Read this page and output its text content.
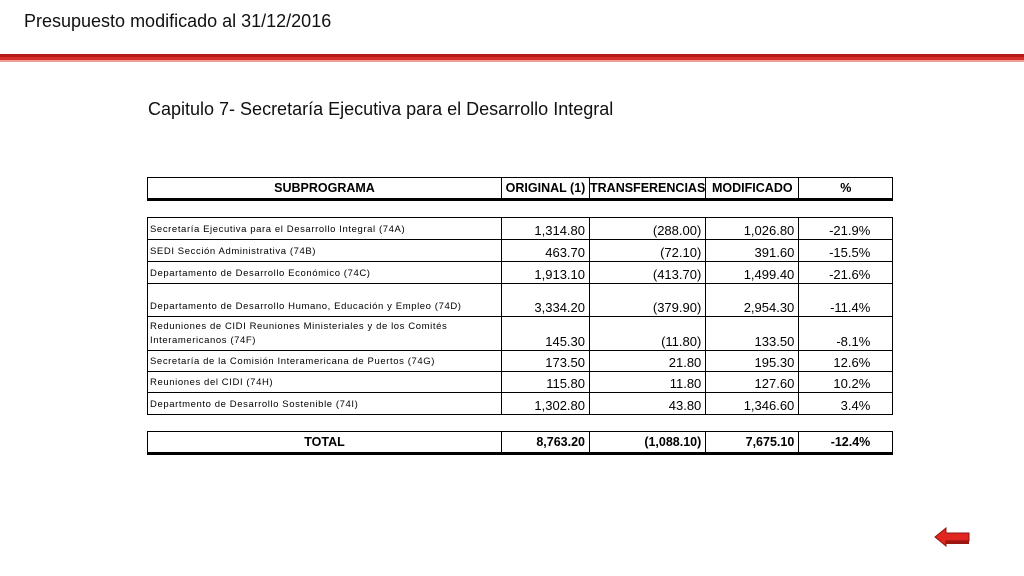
Presupuesto modificado al 31/12/2016
Capitulo 7- Secretaría Ejecutiva para el Desarrollo Integral
SUBPROGRAMA	ORIGINAL (1)	TRANSFERENCIAS	MODIFICADO	%

Secretaría Ejecutiva para el Desarrollo Integral (74A)	1,314.80	(288.00)	1,026.80	-21.9%
SEDI Sección Administrativa (74B)	463.70	(72.10)	391.60	-15.5%
Departamento de Desarrollo Económico (74C)	1,913.10	(413.70)	1,499.40	-21.6%
Departamento de Desarrollo Humano, Educación y Empleo (74D)	3,334.20	(379.90)	2,954.30	-11.4%
Reduniones de CIDI Reuniones Ministeriales y de los Comités Interamericanos (74F)	145.30	(11.80)	133.50	-8.1%
Secretaría de la Comisión Interamericana de Puertos (74G)	173.50	21.80	195.30	12.6%
Reuniones del CIDI (74H)	115.80	11.80	127.60	10.2%
Departmento de Desarrollo Sostenible (74I)	1,302.80	43.80	1,346.60	3.4%

TOTAL	8,763.20	(1,088.10)	7,675.10	-12.4%
